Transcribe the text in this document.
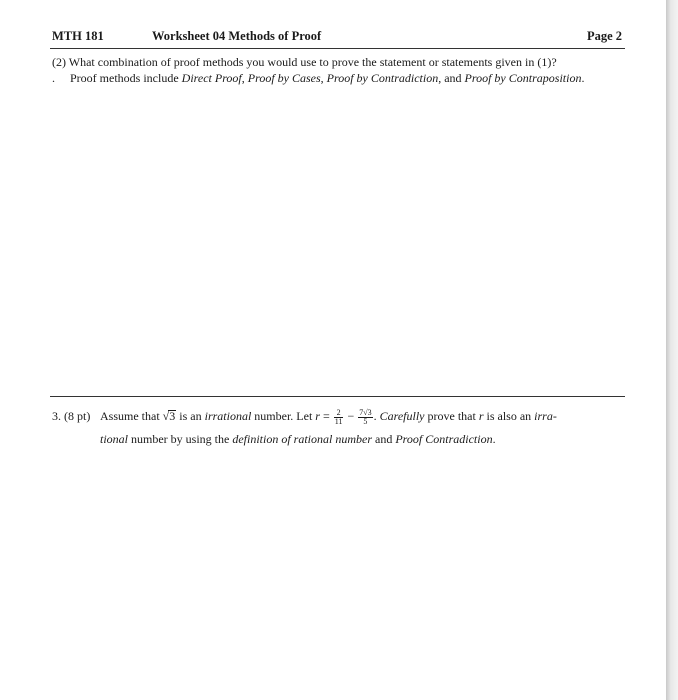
MTH 181	Worksheet 04 Methods of Proof	Page 2
(2) What combination of proof methods you would use to prove the statement or statements given in (1)?
. Proof methods include Direct Proof, Proof by Cases, Proof by Contradiction, and Proof by Contraposition.
3. (8 pt) Assume that √3 is an irrational number. Let $r = \frac{2}{11} - \frac{7√3}{5}$ . Carefully prove that r is also an irra-
tional number by using the definition of rational number and Proof Contradiction.
